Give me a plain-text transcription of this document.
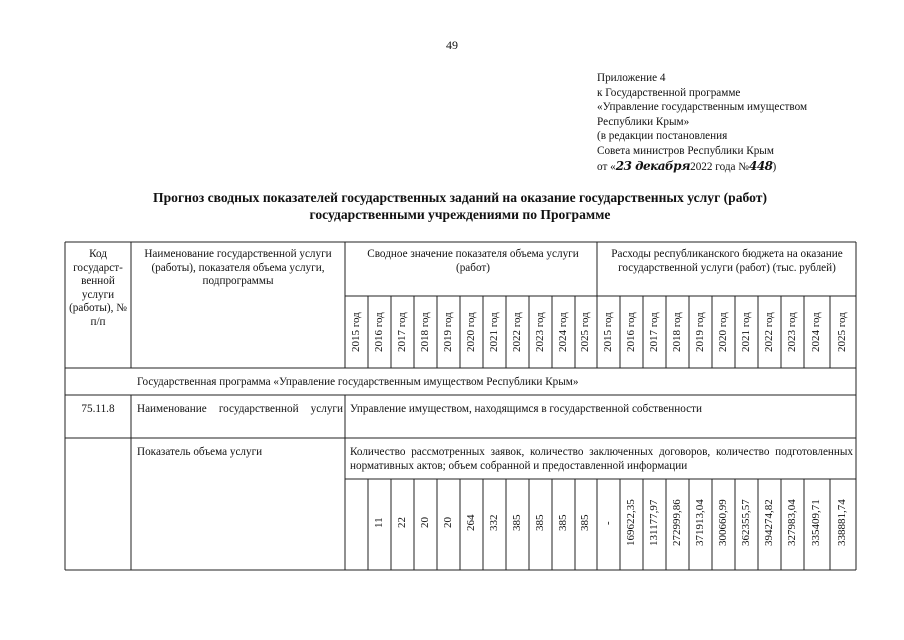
49
Приложение 4
к Государственной программе
«Управление государственным имуществом
Республики Крым»
(в редакции постановления
Совета министров Республики Крым
от «23 декабря2022 года №448)
Прогноз сводных показателей государственных заданий на оказание государственных услуг (работ)
государственными учреждениями по Программе
Код государст-венной услуги (работы), № п/п
Наименование государственной услуги (работы), показателя объема услуги, подпрограммы
Сводное значение показателя объема услуги (работ)
Расходы республиканского бюджета на оказание государственной услуги (работ) (тыс. рублей)
2015 год 2016 год 2017 год 2018 год 2019 год 2020 год 2021 год 2022 год 2023 год 2024 год 2025 год 2015 год 2016 год 2017 год 2018 год 2019 год 2020 год 2021 год 2022 год 2023 год 2024 год 2025 год
Государственная программа «Управление государственным имуществом Республики Крым»
75.11.8	Наименование государственной услуги Управление имуществом, находящимся в государственной собственности
Показатель объема услуги	Количество рассмотренных заявок, количество заключенных договоров, количество подготовленных нормативных актов; объем собранной и предоставленной информации
11 22 20 20 264 332 385 385 385 385 - 169622,35 131177,97 272999,86 371913,04 300660,99 362355,57 394274,82 327983,04 335409,71 338881,74
